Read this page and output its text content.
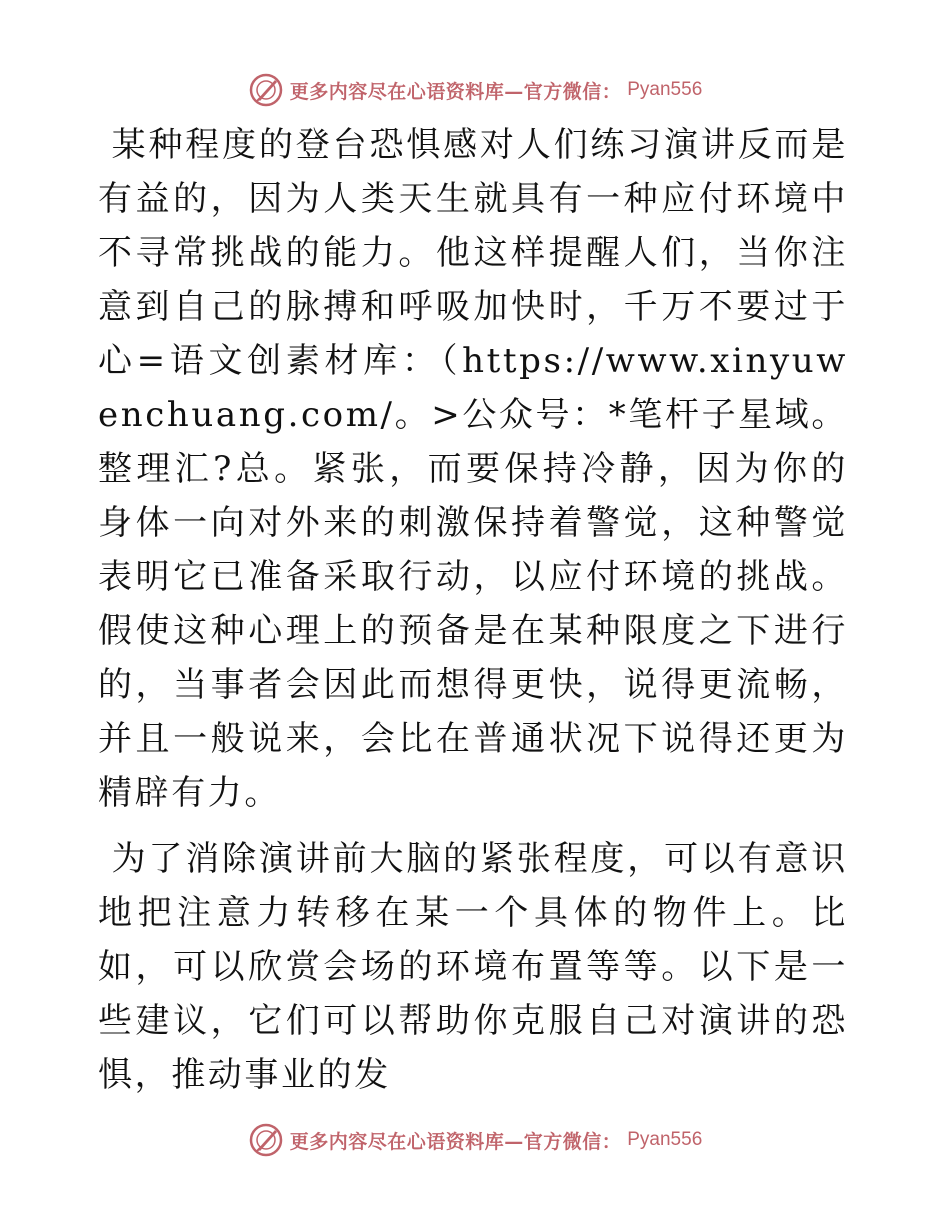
更多内容尽在心语资料库—官方微信： Pyan556

某种程度的登台恐惧感对人们练习演讲反而是有益的，因为人类天生就具有一种应付环境中不寻常挑战的能力。他这样提醒人们，当你注意到自己的脉搏和呼吸加快时，千万不要过于心=语文创素材库：（https://www.xinyuwenchuang.com/。>公众号：*笔杆子星域。整理汇?总。紧张，而要保持冷静，因为你的身体一向对外来的刺激保持着警觉，这种警觉表明它已准备采取行动，以应付环境的挑战。假使这种心理上的预备是在某种限度之下进行的，当事者会因此而想得更快，说得更流畅，并且一般说来，会比在普通状况下说得还更为精辟有力。

为了消除演讲前大脑的紧张程度，可以有意识地把注意力转移在某一个具体的物件上。比如，可以欣赏会场的环境布置等等。以下是一些建议，它们可以帮助你克服自己对演讲的恐惧，推动事业的发

更多内容尽在心语资料库—官方微信： Pyan556
